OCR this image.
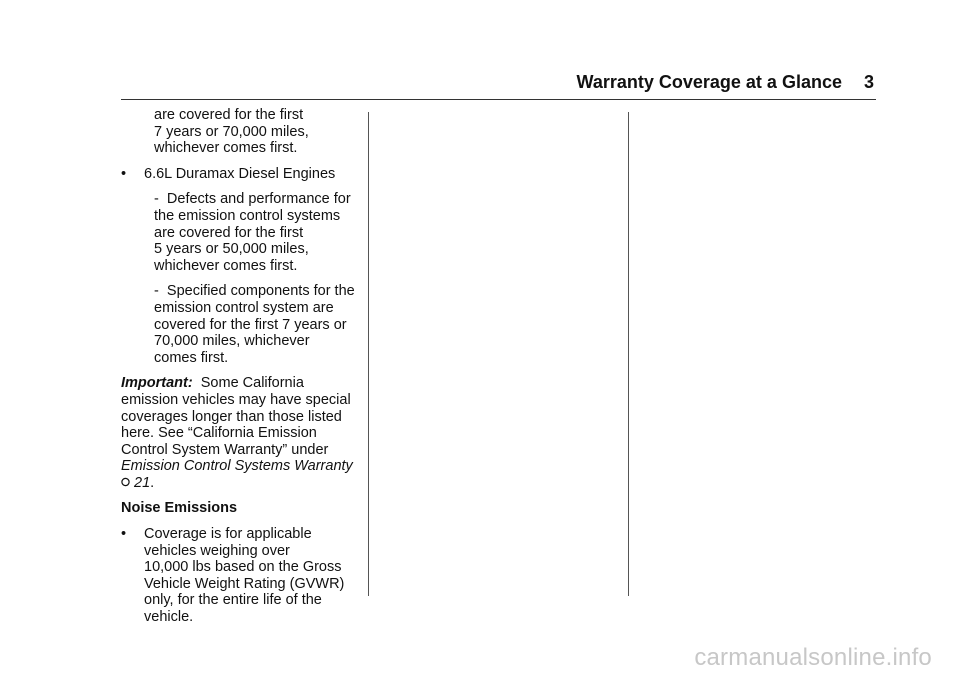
Warranty Coverage at a Glance 3
are covered for the first
7 years or 70,000 miles,
whichever comes first.
•	6.6L Duramax Diesel Engines
- Defects and performance for
the emission control systems
are covered for the first
5 years or 50,000 miles,
whichever comes first.
- Specified components for the
emission control system are
covered for the first 7 years or
70,000 miles, whichever
comes first.
Important: Some California
emission vehicles may have special
coverages longer than those listed
here. See “California Emission
Control System Warranty” under
Emission Control Systems Warranty
21.
Noise Emissions
•	Coverage is for applicable
vehicles weighing over
10,000 lbs based on the Gross
Vehicle Weight Rating (GVWR)
only, for the entire life of the
vehicle.
carmanualsonline.info
